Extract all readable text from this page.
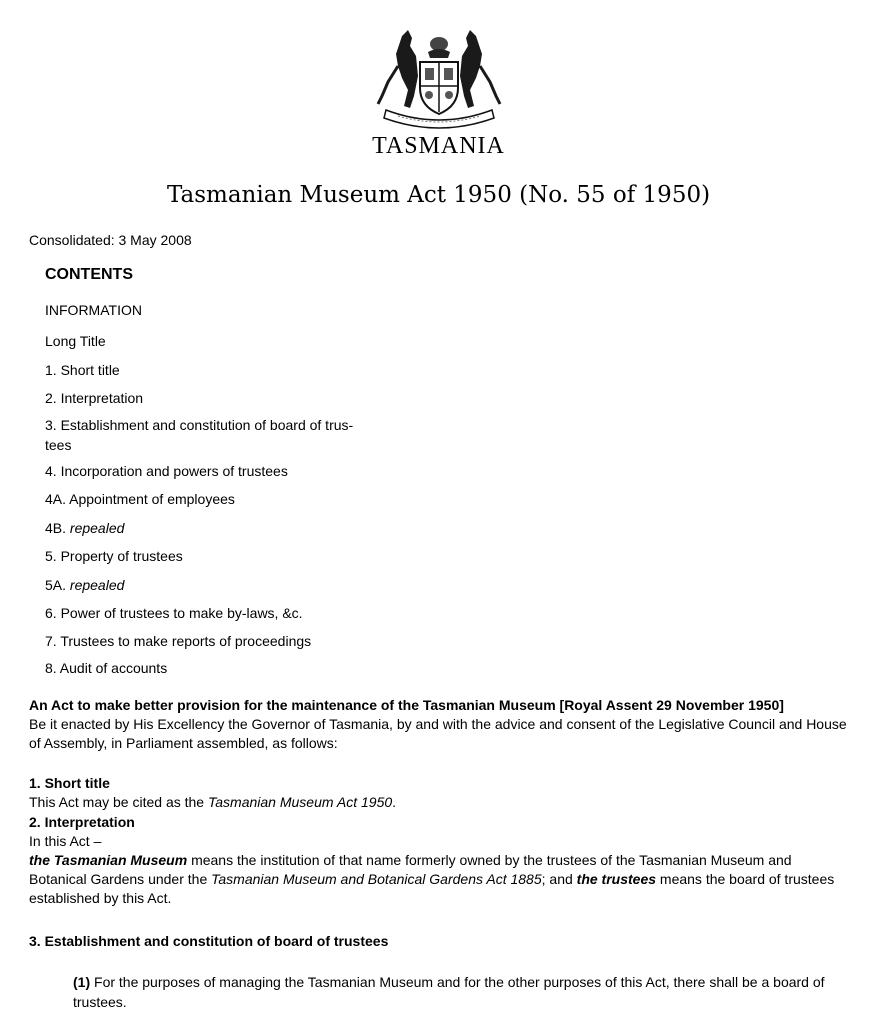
TASMANIA
Tasmanian Museum Act 1950 (No. 55 of 1950)
Consolidated: 3 May 2008
CONTENTS
INFORMATION
Long Title
1. Short title
2. Interpretation
3. Establishment and constitution of board of trus-tees
4. Incorporation and powers of trustees
4A. Appointment of employees
4B. repealed
5. Property of trustees
5A. repealed
6. Power of trustees to make by-laws, &c.
7. Trustees to make reports of proceedings
8. Audit of accounts
An Act to make better provision for the maintenance of the Tasmanian Museum [Royal Assent 29 November 1950]
Be it enacted by His Excellency the Governor of Tasmania, by and with the advice and consent of the Legislative Council and House of Assembly, in Parliament assembled, as follows:
1. Short title
This Act may be cited as the Tasmanian Museum Act 1950.
2. Interpretation
In this Act –
the Tasmanian Museum means the institution of that name formerly owned by the trustees of the Tasmanian Museum and Botanical Gardens under the Tasmanian Museum and Botanical Gardens Act 1885; and the trustees means the board of trustees established by this Act.
3. Establishment and constitution of board of trustees
(1) For the purposes of managing the Tasmanian Museum and for the other purposes of this Act, there shall be a board of trustees.
